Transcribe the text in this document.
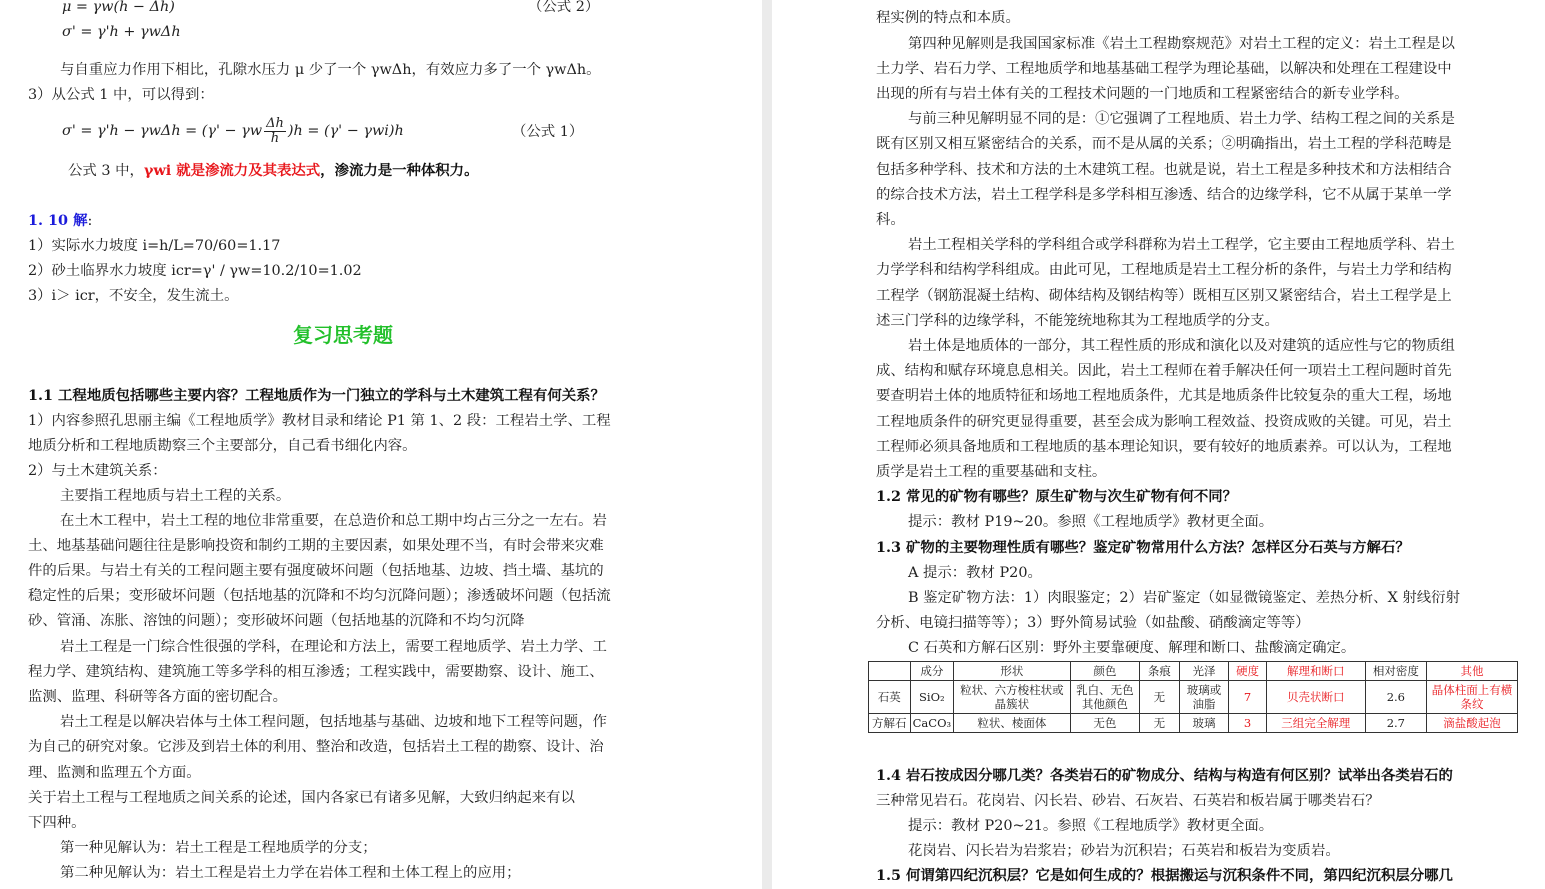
μ = γw(h − Δh)	（公式 2）
σ' = γ'h + γwΔh
与自重应力作用下相比，孔隙水压力 μ 少了一个 γwΔh，有效应力多了一个 γwΔh。
3）从公式 1 中，可以得到：
σ' = γ'h − γwΔh = (γ' − γw $\frac{\Delta h}{h} )h = (\gamma' - \gamma wi)h$	（公式 1）
公式 3 中，γwi 就是渗流力及其表达式，渗流力是一种体积力。
1. 10 解:
1）实际水力坡度 i=h/L=70/60=1.17
2）砂土临界水力坡度 icr=γ' / γw=10.2/10=1.02
3）i＞ icr，不安全，发生流土。
复习思考题
1.1 工程地质包括哪些主要内容？工程地质作为一门独立的学科与土木建筑工程有何关系？
1）内容参照孔思丽主编《工程地质学》教材目录和绪论 P1 第 1、2 段：工程岩土学、工程
地质分析和工程地质勘察三个主要部分，自己看书细化内容。
2）与土木建筑关系：
主要指工程地质与岩土工程的关系。
在土木工程中，岩土工程的地位非常重要，在总造价和总工期中均占三分之一左右。岩
土、地基基础问题往往是影响投资和制约工期的主要因素，如果处理不当，有时会带来灾难
件的后果。与岩土有关的工程问题主要有强度破坏问题（包括地基、边坡、挡土墙、基坑的
稳定性的后果；变形破坏问题（包括地基的沉降和不均匀沉降问题）；渗透破坏问题（包括流
砂、管涌、冻胀、溶蚀的问题）；变形破坏问题（包括地基的沉降和不均匀沉降
岩土工程是一门综合性很强的学科，在理论和方法上，需要工程地质学、岩土力学、工
程力学、建筑结构、建筑施工等多学科的相互渗透；工程实践中，需要勘察、设计、施工、
监测、监理、科研等各方面的密切配合。
岩土工程是以解决岩体与土体工程问题，包括地基与基础、边坡和地下工程等问题，作
为自己的研究对象。它涉及到岩土体的利用、整治和改造，包括岩土工程的勘察、设计、治
理、监测和监理五个方面。
关于岩土工程与工程地质之间关系的论述，国内各家已有诸多见解，大致归纳起来有以
下四种。
第一种见解认为：岩土工程是工程地质学的分支；
第二种见解认为：岩土工程是岩土力学在岩体工程和土体工程上的应用；
程实例的特点和本质。
第四种见解则是我国国家标准《岩土工程勘察规范》对岩土工程的定义：岩土工程是以
土力学、岩石力学、工程地质学和地基基础工程学为理论基础，以解决和处理在工程建设中
出现的所有与岩土体有关的工程技术问题的一门地质和工程紧密结合的新专业学科。
与前三种见解明显不同的是：①它强调了工程地质、岩土力学、结构工程之间的关系是
既有区别又相互紧密结合的关系，而不是从属的关系；②明确指出，岩土工程的学科范畴是
包括多种学科、技术和方法的土木建筑工程。也就是说，岩土工程是多种技术和方法相结合
的综合技术方法，岩土工程学科是多学科相互渗透、结合的边缘学科，它不从属于某单一学
科。
岩土工程相关学科的学科组合或学科群称为岩土工程学，它主要由工程地质学科、岩土
力学学科和结构学科组成。由此可见，工程地质是岩土工程分析的条件，与岩土力学和结构
工程学（钢筋混凝土结构、砌体结构及钢结构等）既相互区别又紧密结合，岩土工程学是上
述三门学科的边缘学科，不能笼统地称其为工程地质学的分支。
岩土体是地质体的一部分，其工程性质的形成和演化以及对建筑的适应性与它的物质组
成、结构和赋存环境息息相关。因此，岩土工程师在着手解决任何一项岩土工程问题时首先
要查明岩土体的地质特征和场地工程地质条件，尤其是地质条件比较复杂的重大工程，场地
工程地质条件的研究更显得重要，甚至会成为影响工程效益、投资成败的关键。可见，岩土
工程师必须具备地质和工程地质的基本理论知识，要有较好的地质素养。可以认为，工程地
质学是岩土工程的重要基础和支柱。
1.2 常见的矿物有哪些？原生矿物与次生矿物有何不同？
提示：教材 P19~20。参照《工程地质学》教材更全面。
1.3 矿物的主要物理性质有哪些？鉴定矿物常用什么方法？怎样区分石英与方解石？
A 提示：教材 P20。
B 鉴定矿物方法：1）肉眼鉴定；2）岩矿鉴定（如显微镜鉴定、差热分析、X 射线衍射
分析、电镜扫描等等）；3）野外简易试验（如盐酸、硝酸滴定等等）
C 石英和方解石区别：野外主要靠硬度、解理和断口、盐酸滴定确定。
	成分	形状	颜色	条痕	光泽	硬度	解理和断口	相对密度	其他
石英	SiO₂	粒状、六方梭柱状或晶簇状	乳白、无色其他颜色	无	玻璃或油脂	7	贝壳状断口	2.6	晶体柱面上有横条纹
方解石	CaCO₃	粒状、棱面体	无色	无	玻璃	3	三组完全解理	2.7	滴盐酸起泡
1.4 岩石按成因分哪几类？各类岩石的矿物成分、结构与构造有何区别？试举出各类岩石的
三种常见岩石。花岗岩、闪长岩、砂岩、石灰岩、石英岩和板岩属于哪类岩石？
提示：教材 P20~21。参照《工程地质学》教材更全面。
花岗岩、闪长岩为岩浆岩；砂岩为沉积岩；石英岩和板岩为变质岩。
1.5 何谓第四纪沉积层？它是如何生成的？根据搬运与沉积条件不同，第四纪沉积层分哪几
